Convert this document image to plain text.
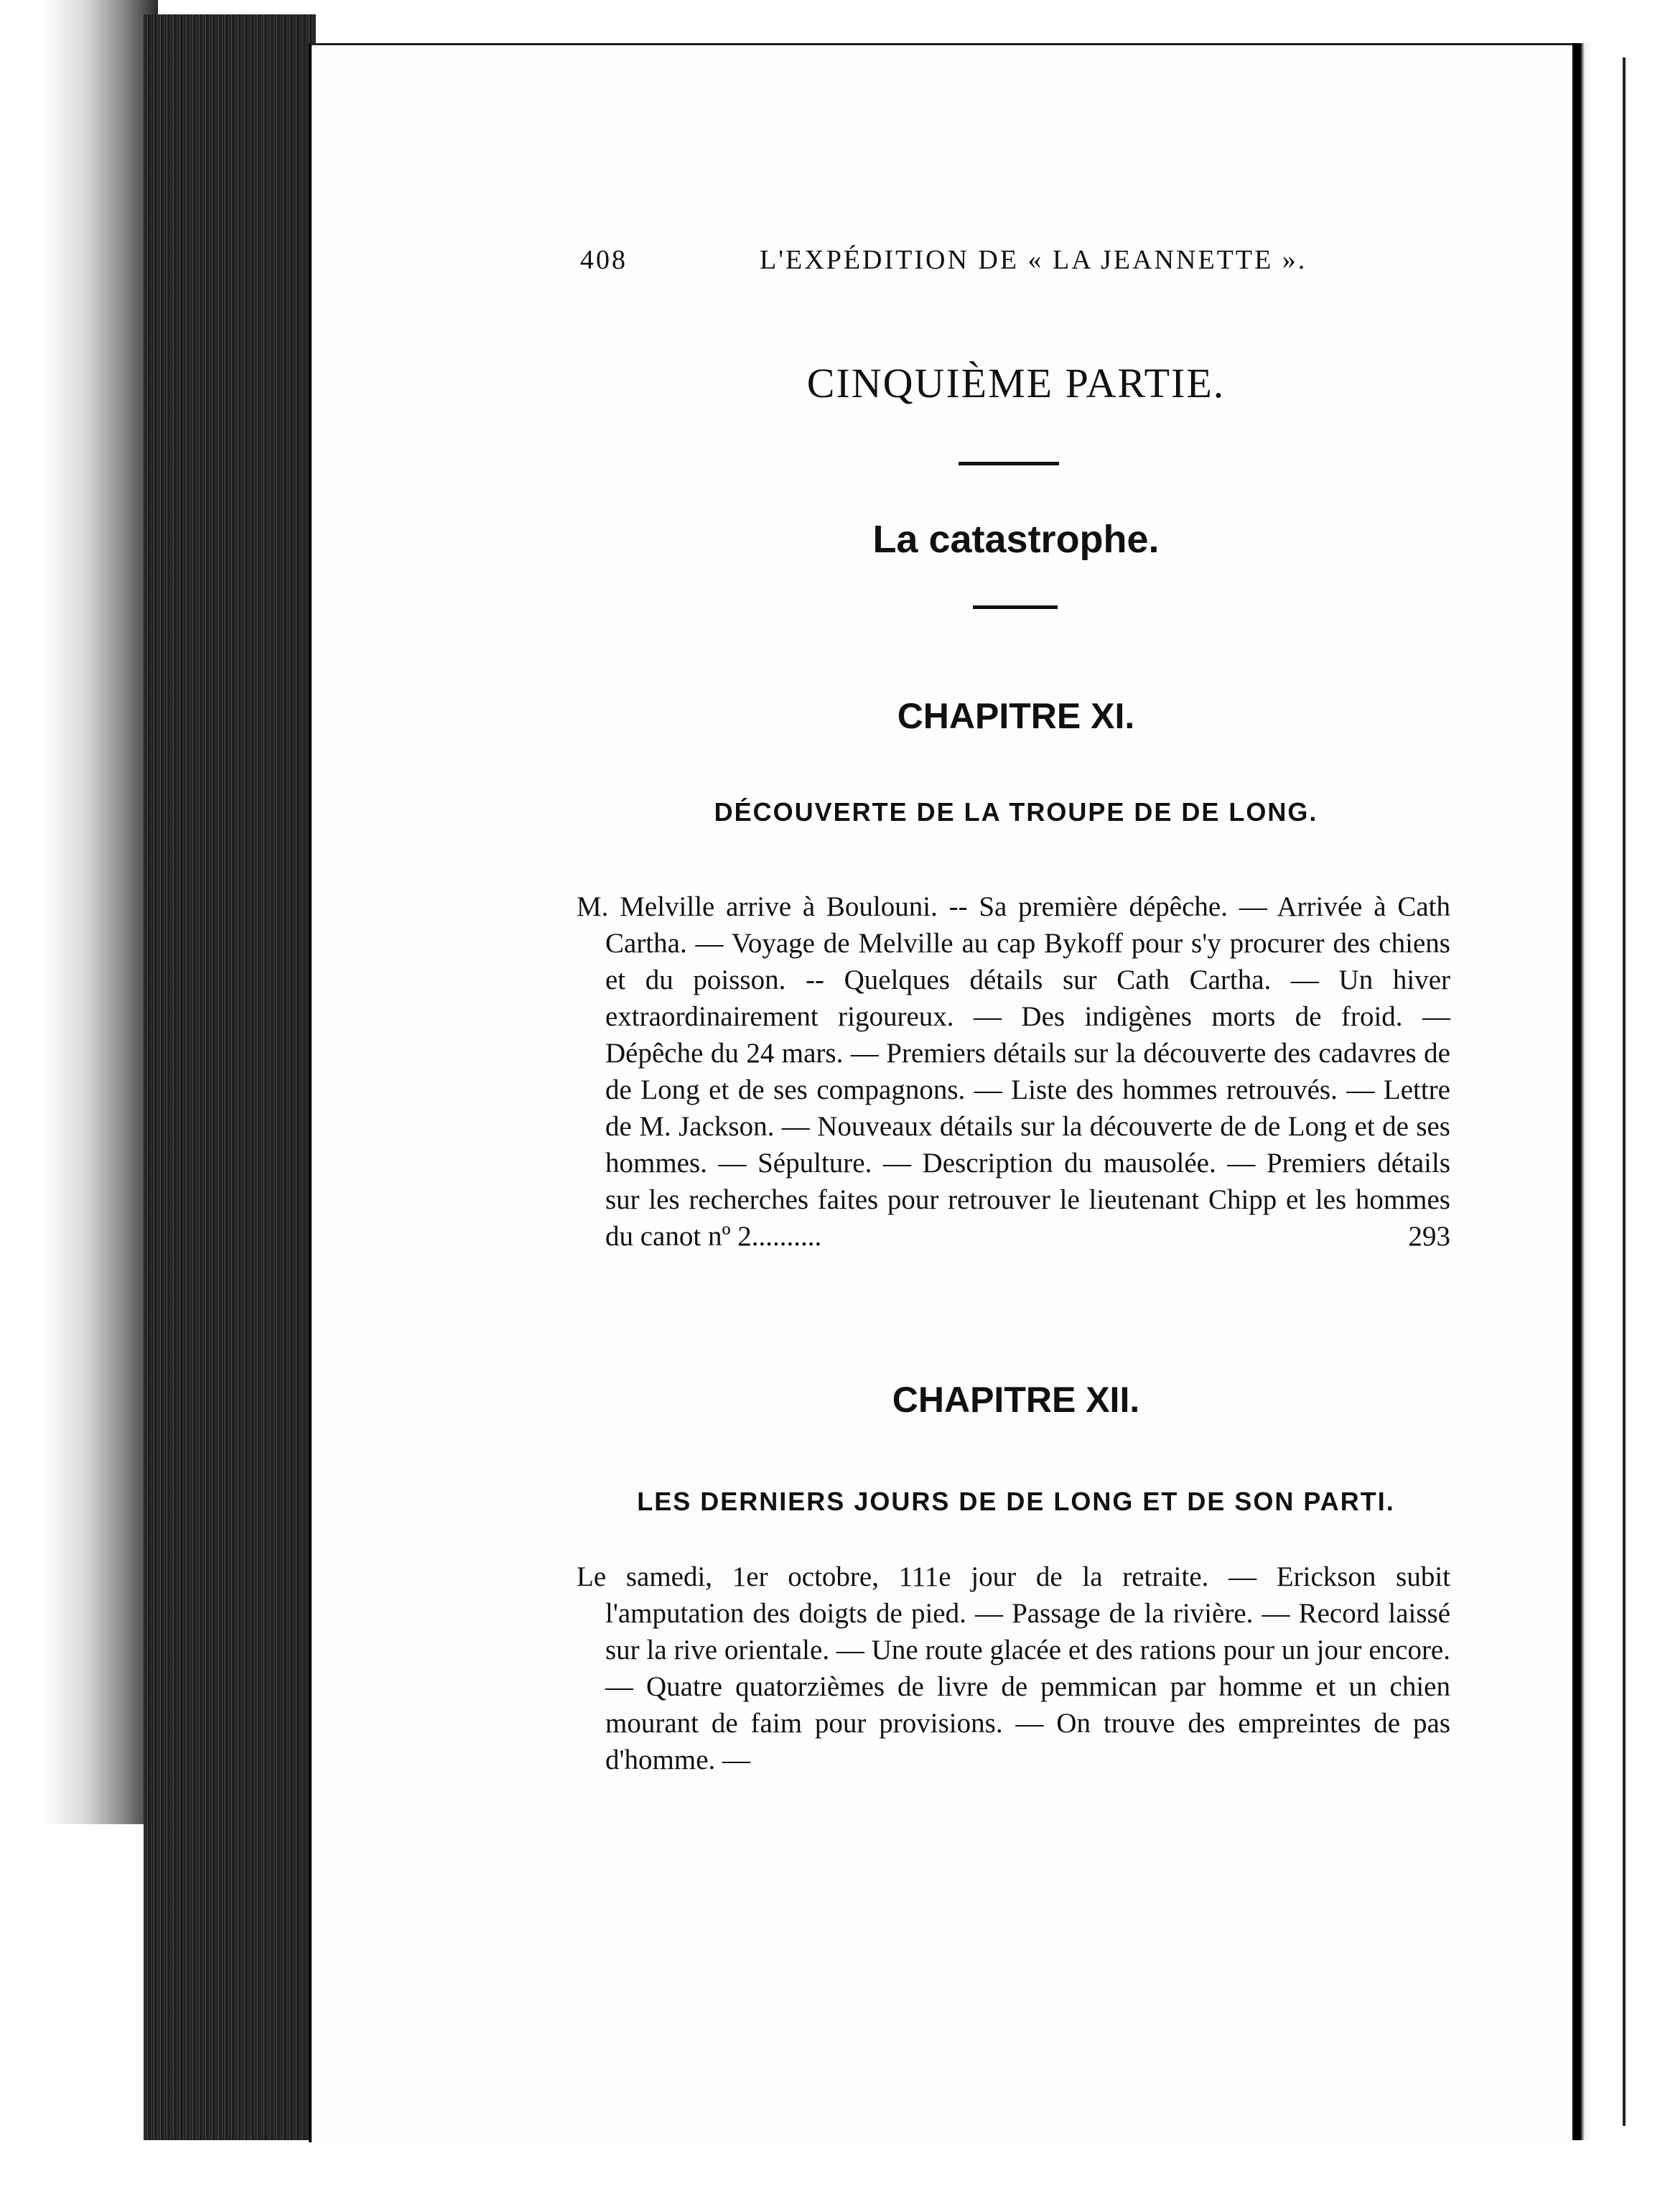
408	L'EXPÉDITION DE « LA JEANNETTE ».
CINQUIÈME PARTIE.
La catastrophe.
CHAPITRE XI.
DÉCOUVERTE DE LA TROUPE DE DE LONG.

M. Melville arrive à Boulouni. -- Sa première dépêche. — Arrivée à Cath Cartha. — Voyage de Melville au cap Bykoff pour s'y procurer des chiens et du poisson. -- Quelques détails sur Cath Cartha. — Un hiver extraordinairement rigoureux. — Des indigènes morts de froid. — Dépêche du 24 mars. — Premiers détails sur la découverte des cadavres de de Long et de ses compagnons. — Liste des hommes retrouvés. — Lettre de M. Jackson. — Nouveaux détails sur la découverte de de Long et de ses hommes. — Sépulture. — Description du mausolée. — Premiers détails sur les recherches faites pour retrouver le lieutenant Chipp et les hommes du canot nº 2..........	293

CHAPITRE XII.
LES DERNIERS JOURS DE DE LONG ET DE SON PARTI.

Le samedi, 1er octobre, 111e jour de la retraite. — Erickson subit l'amputation des doigts de pied. — Passage de la rivière. — Record laissé sur la rive orientale. — Une route glacée et des rations pour un jour encore. — Quatre quatorzièmes de livre de pemmican par homme et un chien mourant de faim pour provisions. — On trouve des empreintes de pas d'homme. —
